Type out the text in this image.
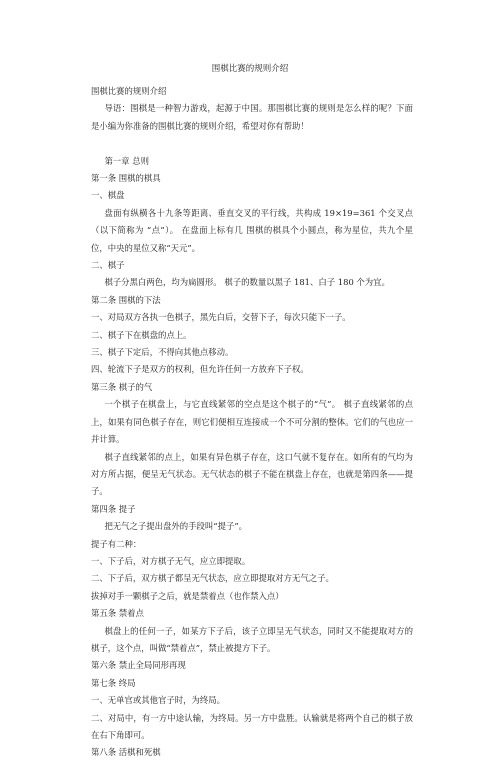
围棋比赛的规则介绍

围棋比赛的规则介绍

导语：围棋是一种智力游戏，起源于中国。那围棋比赛的规则是怎么样的呢？下面是小编为你准备的围棋比赛的规则介绍，希望对你有帮助！

第一章 总则

第一条 围棋的棋具

一、棋盘

盘面有纵横各十九条等距离、垂直交叉的平行线，共构成 19×19=361 个交叉点（以下简称为 “点”）。 在盘面上标有几 围棋的棋具个小圆点，称为星位，共九个星位，中央的星位又称“天元”。

二、棋子

棋子分黑白两色，均为扁圆形。 棋子的数量以黑子 181、白子 180 个为宜。

第二条 围棋的下法

一、对局双方各执一色棋子，黑先白后，交替下子，每次只能下一子。

二、棋子下在棋盘的点上。

三、棋子下定后，不得向其他点移动。

四、轮流下子是双方的权利，但允许任何一方放弃下子权。

第三条 棋子的气

一个棋子在棋盘上，与它直线紧邻的空点是这个棋子的“气”。 棋子直线紧邻的点上，如果有同色棋子存在，则它们便相互连接成一个不可分割的整体。它们的气也应一并计算。

棋子直线紧邻的点上，如果有异色棋子存在，这口气就不复存在。如所有的气均为对方所占据，便呈无气状态。无气状态的棋子不能在棋盘上存在，也就是第四条——提子。

第四条 提子

把无气之子提出盘外的手段叫“提子”。

提子有二种：

一、下子后，对方棋子无气，应立即提取。

二、下子后，双方棋子都呈无气状态，应立即提取对方无气之子。

拔掉对手一颗棋子之后，就是禁着点（也作禁入点）

第五条 禁着点

棋盘上的任何一子，如某方下子后，该子立即呈无气状态，同时又不能提取对方的棋子，这个点，叫做“禁着点”，禁止被提方下子。

第六条 禁止全局同形再现

第七条 终局

一、无单官或其他官子时，为终局。

二、对局中，有一方中途认输，为终局。另一方中盘胜。认输就是将两个自己的棋子放在右下角即可。

第八条 活棋和死棋
